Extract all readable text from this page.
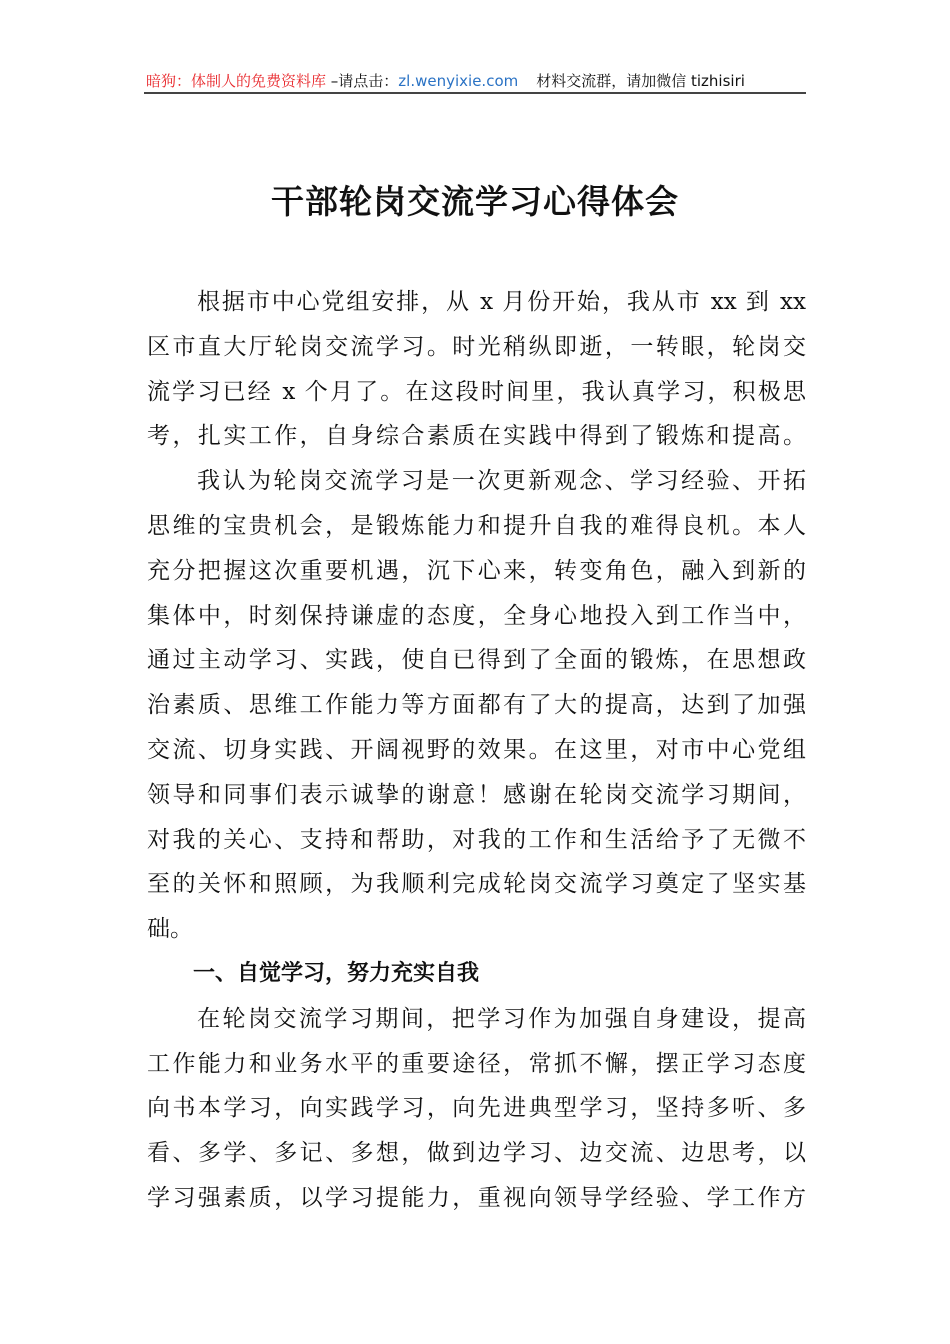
暗狗：体制人的免费资料库 –请点击：zl.wenyixie.com 材料交流群，请加微信 tizhisiri
干部轮岗交流学习心得体会
根据市中心党组安排，从 x 月份开始，我从市 xx 到 xx
区市直大厅轮岗交流学习。时光稍纵即逝，一转眼，轮岗交
流学习已经 x 个月了。在这段时间里，我认真学习，积极思
考，扎实工作，自身综合素质在实践中得到了锻炼和提高。
我认为轮岗交流学习是一次更新观念、学习经验、开拓
思维的宝贵机会，是锻炼能力和提升自我的难得良机。本人
充分把握这次重要机遇，沉下心来，转变角色，融入到新的
集体中，时刻保持谦虚的态度，全身心地投入到工作当中，
通过主动学习、实践，使自已得到了全面的锻炼，在思想政
治素质、思维工作能力等方面都有了大的提高，达到了加强
交流、切身实践、开阔视野的效果。在这里，对市中心党组
领导和同事们表示诚挚的谢意！感谢在轮岗交流学习期间，
对我的关心、支持和帮助，对我的工作和生活给予了无微不
至的关怀和照顾，为我顺利完成轮岗交流学习奠定了坚实基
础。
一、自觉学习，努力充实自我
在轮岗交流学习期间，把学习作为加强自身建设，提高
工作能力和业务水平的重要途径，常抓不懈，摆正学习态度
向书本学习，向实践学习，向先进典型学习，坚持多听、多
看、多学、多记、多想，做到边学习、边交流、边思考，以
学习强素质，以学习提能力，重视向领导学经验、学工作方
